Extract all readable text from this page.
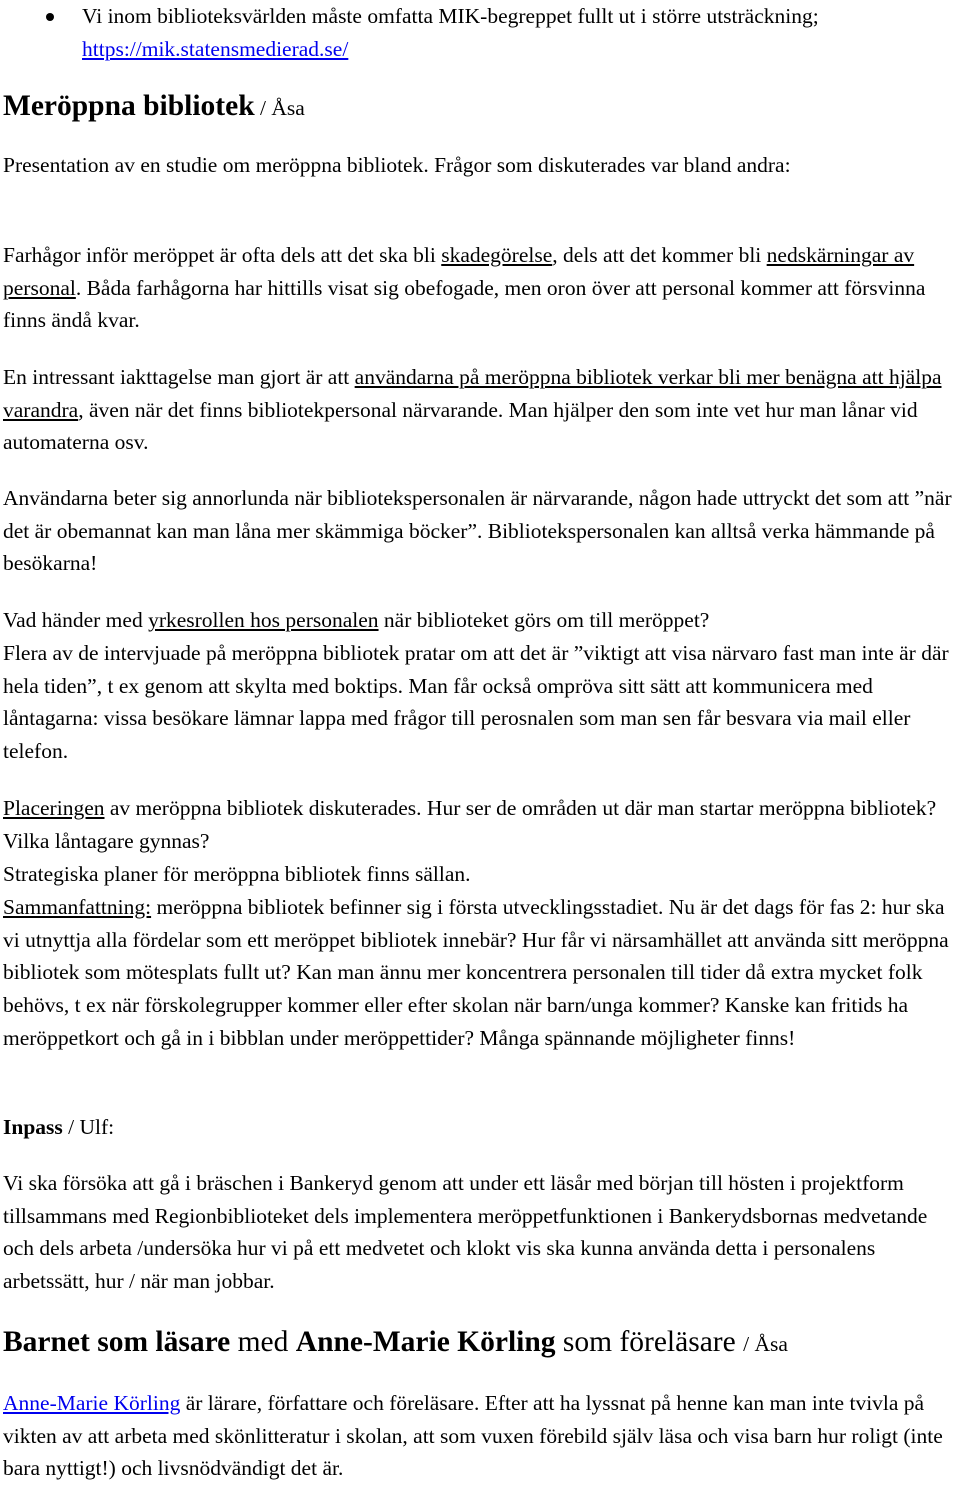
Vi inom biblioteksvärlden måste omfatta MIK-begreppet fullt ut i större utsträckning;
https://mik.statensmedierad.se/
Meröppna bibliotek / Åsa
Presentation av en studie om meröppna bibliotek. Frågor som diskuterades var bland andra:
Farhågor inför meröppet är ofta dels att det ska bli skadegörelse, dels att det kommer bli nedskärningar av personal. Båda farhågorna har hittills visat sig obefogade, men oron över att personal kommer att försvinna finns ändå kvar.
En intressant iakttagelse man gjort är att användarna på meröppna bibliotek verkar bli mer benägna att hjälpa varandra, även när det finns bibliotekpersonal närvarande. Man hjälper den som inte vet hur man lånar vid automaterna osv.
Användarna beter sig annorlunda när bibliotekspersonalen är närvarande, någon hade uttryckt det som att ”när det är obemannat kan man låna mer skämmiga böcker”. Bibliotekspersonalen kan alltså verka hämmande på besökarna!
Vad händer med yrkesrollen hos personalen när biblioteket görs om till meröppet?
Flera av de intervjuade på meröppna bibliotek pratar om att det är ”viktigt att visa närvaro fast man inte är där hela tiden”, t ex genom att skylta med boktips. Man får också ompröva sitt sätt att kommunicera med låntagarna: vissa besökare lämnar lappa med frågor till perosnalen som man sen får besvara via mail eller telefon.
Placeringen av meröppna bibliotek diskuterades. Hur ser de områden ut där man startar meröppna bibliotek? Vilka låntagare gynnas?
Strategiska planer för meröppna bibliotek finns sällan.
Sammanfattning: meröppna bibliotek befinner sig i första utvecklingsstadiet. Nu är det dags för fas 2: hur ska vi utnyttja alla fördelar som ett meröppet bibliotek innebär? Hur får vi närsamhället att använda sitt meröppna bibliotek som mötesplats fullt ut? Kan man ännu mer koncentrera personalen till tider då extra mycket folk behövs, t ex när förskolegrupper kommer eller efter skolan när barn/unga kommer? Kanske kan fritids ha meröppetkort och gå in i bibblan under meröppettider? Många spännande möjligheter finns!
Inpass / Ulf:
Vi ska försöka att gå i bräschen i Bankeryd genom att under ett läsår med början till hösten i projektform tillsammans med Regionbiblioteket dels implementera meröppetfunktionen i Bankerydsbornas medvetande och dels arbeta /undersöka hur vi på ett medvetet och klokt vis ska kunna använda detta i personalens arbetssätt, hur / när man jobbar.
Barnet som läsare med Anne-Marie Körling som föreläsare / Åsa
Anne-Marie Körling är lärare, författare och föreläsare. Efter att ha lyssnat på henne kan man inte tvivla på vikten av att arbeta med skönlitteratur i skolan, att som vuxen förebild själv läsa och visa barn hur roligt (inte bara nyttigt!) och livsnödvändigt det är.
